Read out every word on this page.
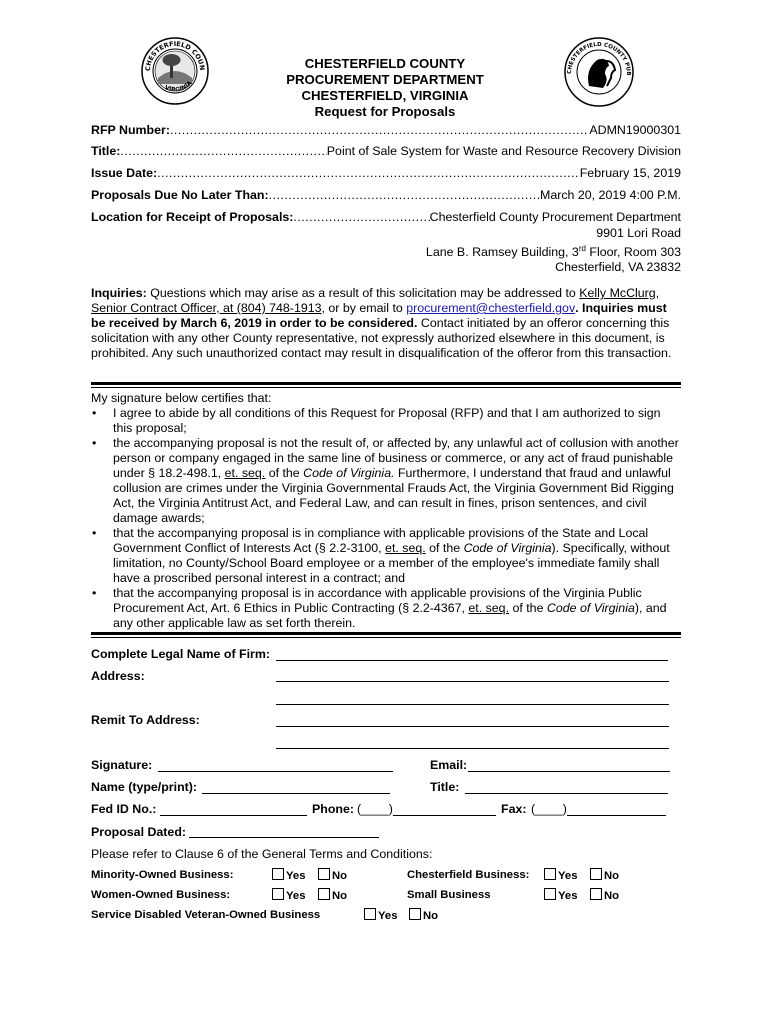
CHESTERFIELD COUN
VIRGINIA
CHESTERFIELD COUNTY PUB
CHESTERFIELD COUNTY
PROCUREMENT DEPARTMENT
CHESTERFIELD, VIRGINIA
Request for Proposals
RFP Number: .....	ADMN19000301
Title: .....	Point of Sale System for Waste and Resource Recovery Division
Issue Date: .....	February 15, 2019
Proposals Due No Later Than: .....	March 20, 2019 4:00 P.M.
Location for Receipt of Proposals: .....	Chesterfield County Procurement Department
9901 Lori Road
Lane B. Ramsey Building, 3rd Floor, Room 303
Chesterfield, VA 23832
Inquiries: Questions which may arise as a result of this solicitation may be addressed to Kelly McClurg, Senior Contract Officer, at (804) 748-1913, or by email to procurement@chesterfield.gov. Inquiries must be received by March 6, 2019 in order to be considered. Contact initiated by an offeror concerning this solicitation with any other County representative, not expressly authorized elsewhere in this document, is prohibited. Any such unauthorized contact may result in disqualification of the offeror from this transaction.
My signature below certifies that:
• I agree to abide by all conditions of this Request for Proposal (RFP) and that I am authorized to sign this proposal;
• the accompanying proposal is not the result of, or affected by, any unlawful act of collusion with another person or company engaged in the same line of business or commerce, or any act of fraud punishable under § 18.2-498.1, et. seq. of the Code of Virginia. Furthermore, I understand that fraud and unlawful collusion are crimes under the Virginia Governmental Frauds Act, the Virginia Government Bid Rigging Act, the Virginia Antitrust Act, and Federal Law, and can result in fines, prison sentences, and civil damage awards;
• that the accompanying proposal is in compliance with applicable provisions of the State and Local Government Conflict of Interests Act (§ 2.2-3100, et. seq. of the Code of Virginia). Specifically, without limitation, no County/School Board employee or a member of the employee's immediate family shall have a proscribed personal interest in a contract; and
• that the accompanying proposal is in accordance with applicable provisions of the Virginia Public Procurement Act, Art. 6 Ethics in Public Contracting (§ 2.2-4367, et. seq. of the Code of Virginia), and any other applicable law as set forth therein.
Complete Legal Name of Firm:
Address:
Remit To Address:
Signature:	Email:
Name (type/print):	Title:
Fed ID No.:	Phone: (____)	Fax: (____)
Proposal Dated:
Please refer to Clause 6 of the General Terms and Conditions:
Minority-Owned Business:	Yes	No	Chesterfield Business:	Yes	No
Women-Owned Business:	Yes	No	Small Business	Yes	No
Service Disabled Veteran-Owned Business	Yes	No
